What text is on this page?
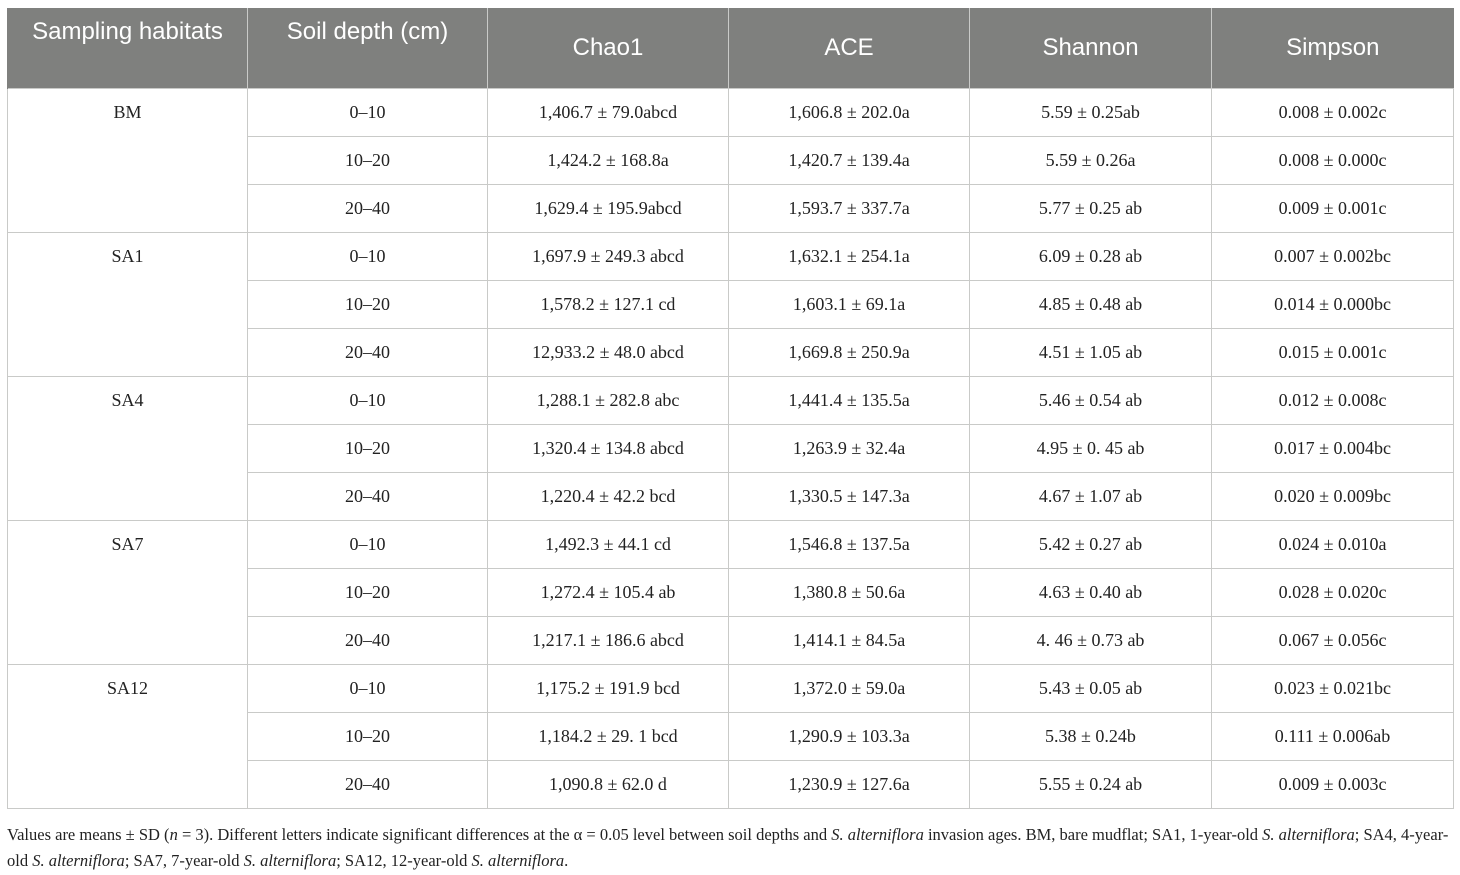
Sampling habitats	Soil depth (cm)	Chao1	ACE	Shannon	Simpson
BM	0–10	1,406.7 ± 79.0abcd	1,606.8 ± 202.0a	5.59 ± 0.25ab	0.008 ± 0.002c
	10–20	1,424.2 ± 168.8a	1,420.7 ± 139.4a	5.59 ± 0.26a	0.008 ± 0.000c
	20–40	1,629.4 ± 195.9abcd	1,593.7 ± 337.7a	5.77 ± 0.25 ab	0.009 ± 0.001c
SA1	0–10	1,697.9 ± 249.3 abcd	1,632.1 ± 254.1a	6.09 ± 0.28 ab	0.007 ± 0.002bc
	10–20	1,578.2 ± 127.1 cd	1,603.1 ± 69.1a	4.85 ± 0.48 ab	0.014 ± 0.000bc
	20–40	12,933.2 ± 48.0 abcd	1,669.8 ± 250.9a	4.51 ± 1.05 ab	0.015 ± 0.001c
SA4	0–10	1,288.1 ± 282.8 abc	1,441.4 ± 135.5a	5.46 ± 0.54 ab	0.012 ± 0.008c
	10–20	1,320.4 ± 134.8 abcd	1,263.9 ± 32.4a	4.95 ± 0. 45 ab	0.017 ± 0.004bc
	20–40	1,220.4 ± 42.2 bcd	1,330.5 ± 147.3a	4.67 ± 1.07 ab	0.020 ± 0.009bc
SA7	0–10	1,492.3 ± 44.1 cd	1,546.8 ± 137.5a	5.42 ± 0.27 ab	0.024 ± 0.010a
	10–20	1,272.4 ± 105.4 ab	1,380.8 ± 50.6a	4.63 ± 0.40 ab	0.028 ± 0.020c
	20–40	1,217.1 ± 186.6 abcd	1,414.1 ± 84.5a	4. 46 ± 0.73 ab	0.067 ± 0.056c
SA12	0–10	1,175.2 ± 191.9 bcd	1,372.0 ± 59.0a	5.43 ± 0.05 ab	0.023 ± 0.021bc
	10–20	1,184.2 ± 29. 1 bcd	1,290.9 ± 103.3a	5.38 ± 0.24b	0.111 ± 0.006ab
	20–40	1,090.8 ± 62.0 d	1,230.9 ± 127.6a	5.55 ± 0.24 ab	0.009 ± 0.003c
Values are means ± SD (n = 3). Different letters indicate significant differences at the α = 0.05 level between soil depths and S. alterniflora invasion ages. BM, bare mudflat; SA1, 1-year-old S. alterniflora; SA4, 4-year-old S. alterniflora; SA7, 7-year-old S. alterniflora; SA12, 12-year-old S. alterniflora.
